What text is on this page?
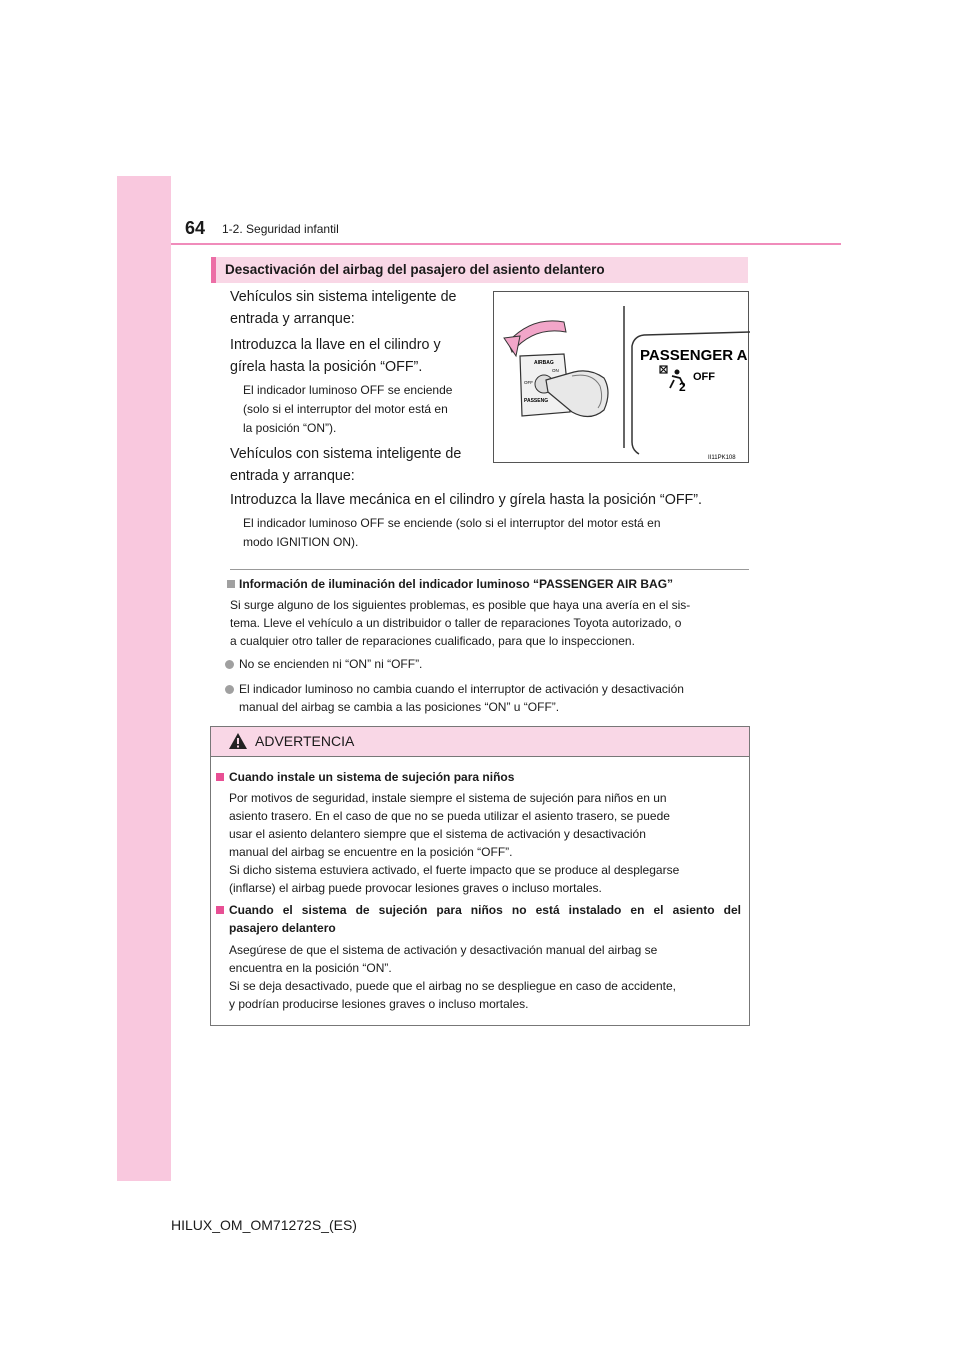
64 1-2. Seguridad infantil
Desactivación del airbag del pasajero del asiento delantero
Vehículos sin sistema inteligente de
entrada y arranque:
Introduzca la llave en el cilindro y
gírela hasta la posición “OFF”.
El indicador luminoso OFF se enciende
(solo si el interruptor del motor está en
la posición “ON”).
Vehículos con sistema inteligente de
entrada y arranque:
Introduzca la llave mecánica en el cilindro y gírela hasta la posición “OFF”.
El indicador luminoso OFF se enciende (solo si el interruptor del motor está en
modo IGNITION ON).
AIRBAG
OFF
ON
PASSENG
PASSENGER A
2
OFF
II11PK108
Información de iluminación del indicador luminoso “PASSENGER AIR BAG”
Si surge alguno de los siguientes problemas, es posible que haya una avería en el sis-
tema. Lleve el vehículo a un distribuidor o taller de reparaciones Toyota autorizado, o
a cualquier otro taller de reparaciones cualificado, para que lo inspeccionen.
No se encienden ni “ON” ni “OFF”.
El indicador luminoso no cambia cuando el interruptor de activación y desactivación
manual del airbag se cambia a las posiciones “ON” u “OFF”.
ADVERTENCIA
Cuando instale un sistema de sujeción para niños
Por motivos de seguridad, instale siempre el sistema de sujeción para niños en un
asiento trasero. En el caso de que no se pueda utilizar el asiento trasero, se puede
usar el asiento delantero siempre que el sistema de activación y desactivación
manual del airbag se encuentre en la posición “OFF”.
Si dicho sistema estuviera activado, el fuerte impacto que se produce al desplegarse
(inflarse) el airbag puede provocar lesiones graves o incluso mortales.
Cuando el sistema de sujeción para niños no está instalado en el asiento del
pasajero delantero
Asegúrese de que el sistema de activación y desactivación manual del airbag se
encuentra en la posición “ON”.
Si se deja desactivado, puede que el airbag no se despliegue en caso de accidente,
y podrían producirse lesiones graves o incluso mortales.
HILUX_OM_OM71272S_(ES)
